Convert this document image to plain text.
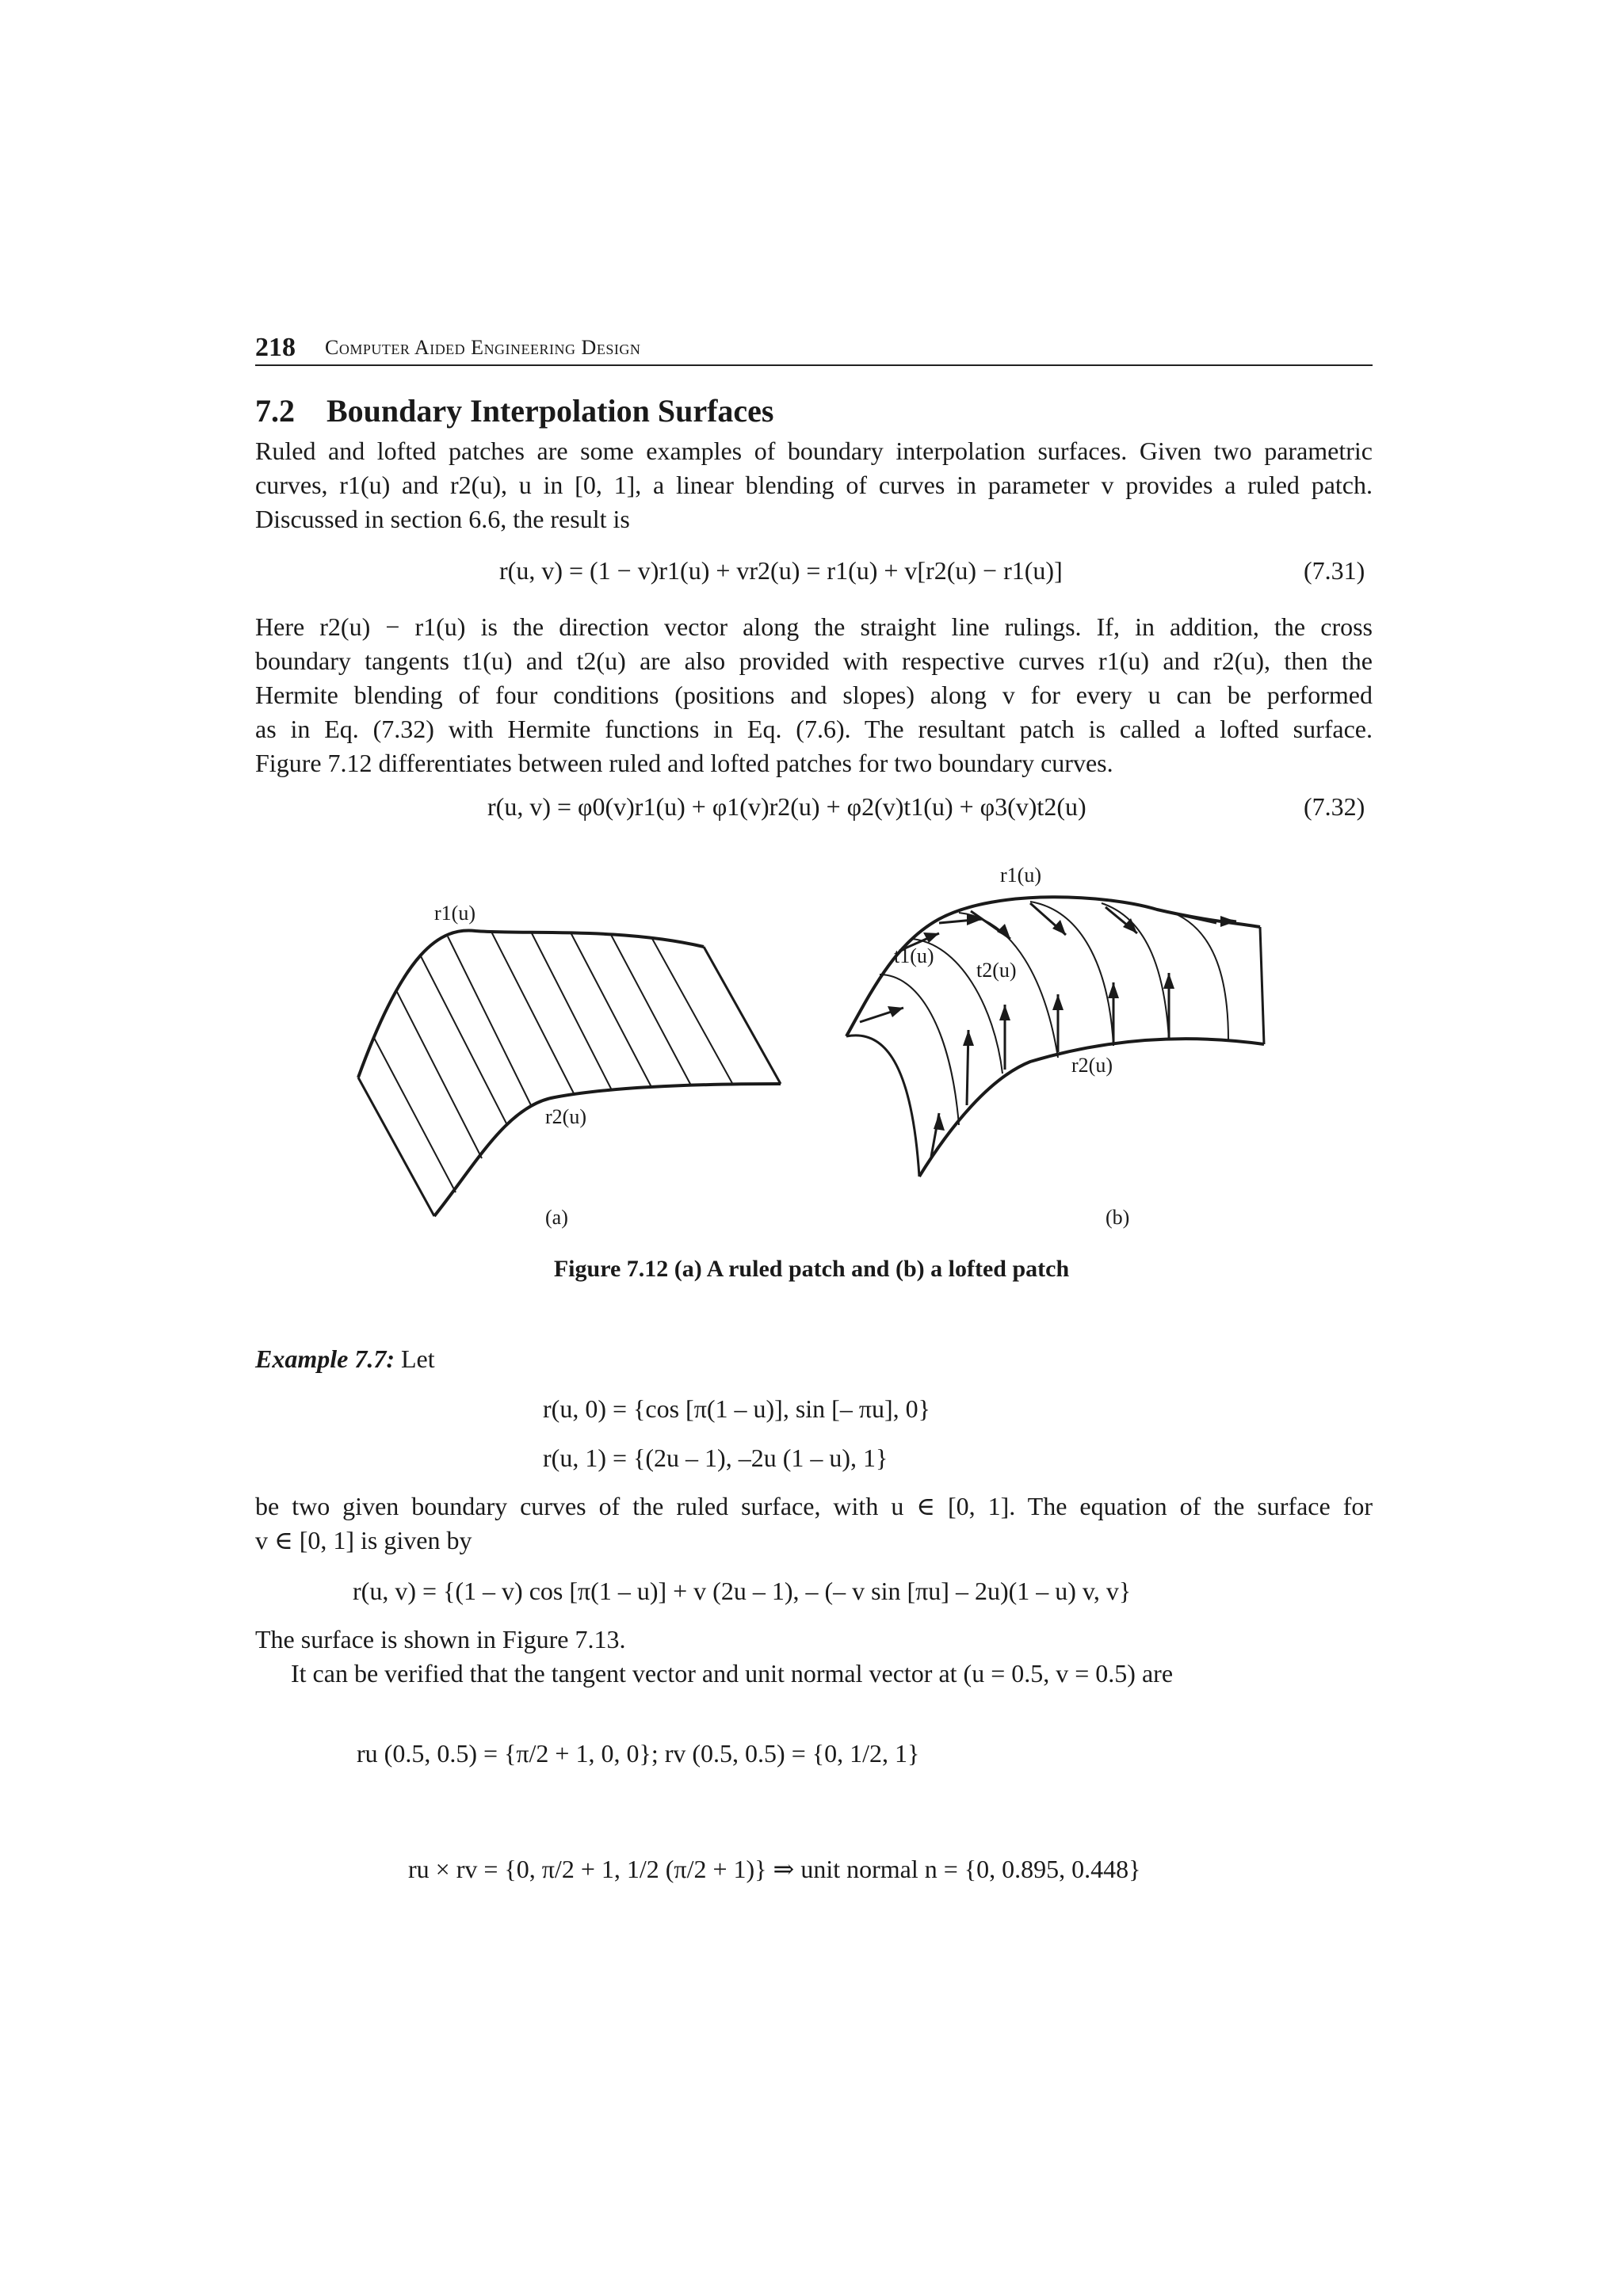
218 Computer Aided Engineering Design
7.2 Boundary Interpolation Surfaces

Ruled and lofted patches are some examples of boundary interpolation surfaces. Given two parametric

curves, r1(u) and r2(u), u in [0, 1], a linear blending of curves in parameter v provides a ruled patch.

Discussed in section 6.6, the result is

r(u, v) = (1 − v)r1(u) + vr2(u) = r1(u) + v[r2(u) − r1(u)]	(7.31)

Here r2(u) − r1(u) is the direction vector along the straight line rulings. If, in addition, the cross

boundary tangents t1(u) and t2(u) are also provided with respective curves r1(u) and r2(u), then the

Hermite blending of four conditions (positions and slopes) along v for every u can be performed

as in Eq. (7.32) with Hermite functions in Eq. (7.6). The resultant patch is called a lofted surface.

Figure 7.12 differentiates between ruled and lofted patches for two boundary curves.

r(u, v) = φ0(v)r1(u) + φ1(v)r2(u) + φ2(v)t1(u) + φ3(v)t2(u)	(7.32)
r1(u)
r2(u)
(a)
r1(u)
t1(u)
t2(u)
r2(u)
(b)
Figure 7.12 (a) A ruled patch and (b) a lofted patch
Example 7.7: Let
r(u, 0) = {cos [π(1 – u)], sin [– πu], 0}
r(u, 1) = {(2u – 1), –2u (1 – u), 1}

be two given boundary curves of the ruled surface, with u ∈ [0, 1]. The equation of the surface for

v ∈ [0, 1] is given by

r(u, v) = {(1 – v) cos [π(1 – u)] + v (2u – 1), – (– v sin [πu] – 2u)(1 – u) v, v}

The surface is shown in Figure 7.13.

It can be verified that the tangent vector and unit normal vector at (u = 0.5, v = 0.5) are

ru (0.5, 0.5) = {π/2 + 1, 0, 0}; rv (0.5, 0.5) = {0, 1/2, 1}
ru × rv = {0, π/2 + 1, 1/2 (π/2 + 1)} ⇒ unit normal n = {0, 0.895, 0.448}
